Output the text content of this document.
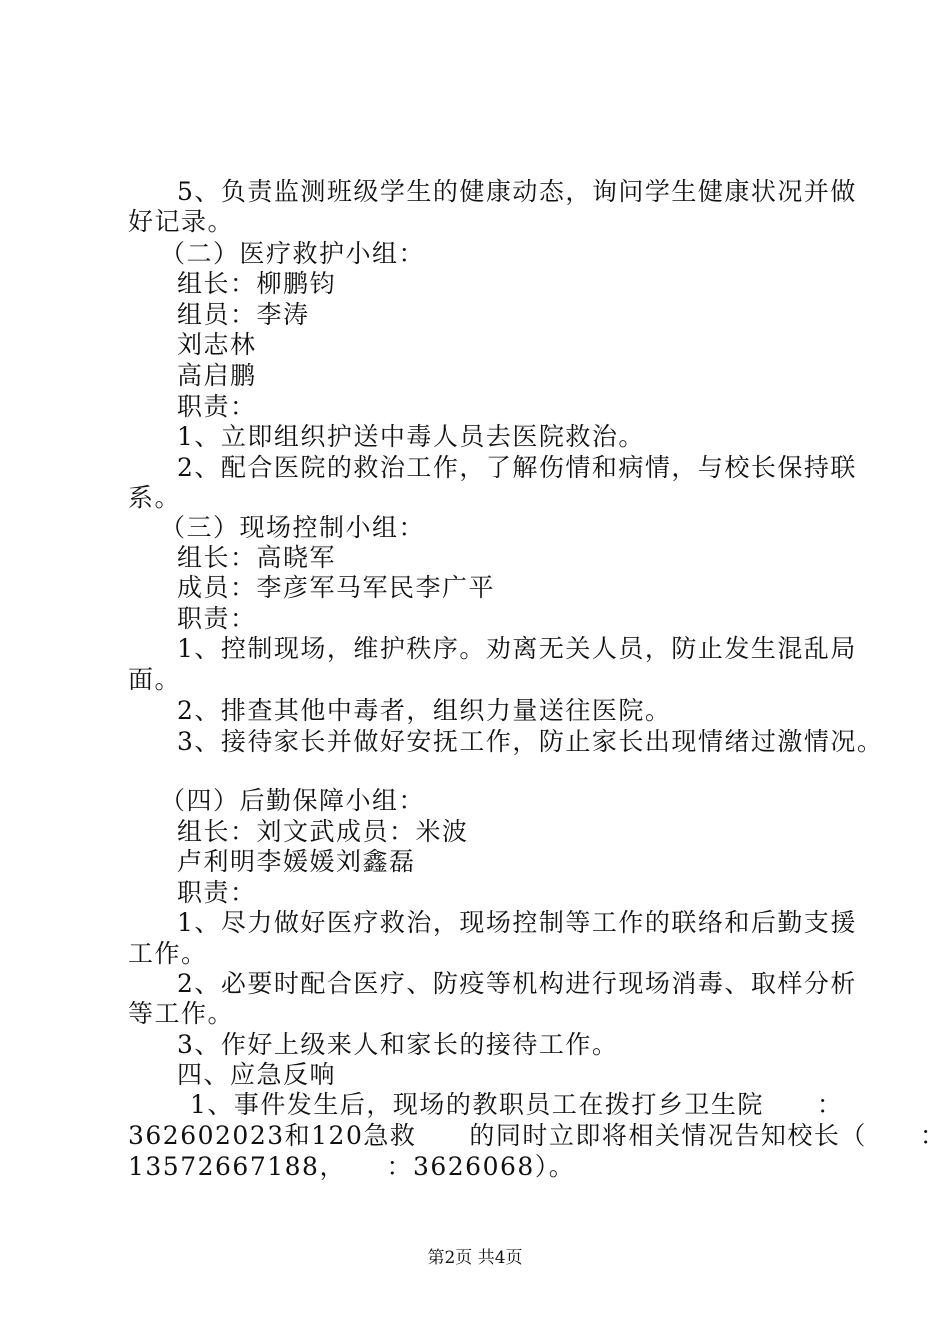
5、负责监测班级学生的健康动态，询问学生健康状况并做
好记录。
（二）医疗救护小组：
组长：柳鹏钧
组员：李涛
刘志林
高启鹏
职责：
1、立即组织护送中毒人员去医院救治。
2、配合医院的救治工作，了解伤情和病情，与校长保持联
系。
（三）现场控制小组：
组长：高晓军
成员：李彦军马军民李广平
职责：
1、控制现场，维护秩序。劝离无关人员，防止发生混乱局
面。
2、排查其他中毒者，组织力量送往医院。
3、接待家长并做好安抚工作，防止家长出现情绪过激情况。
（四）后勤保障小组：
组长：刘文武成员：米波
卢利明李媛媛刘鑫磊
职责：
1、尽力做好医疗救治，现场控制等工作的联络和后勤支援
工作。
2、必要时配合医疗、防疫等机构进行现场消毒、取样分析
等工作。
3、作好上级来人和家长的接待工作。
四、应急反响
1、事件发生后，现场的教职员工在拨打乡卫生院　　：
362602023和120急救　　的同时立即将相关情况告知校长（　　：
13572667188，　　：3626068）。
第2页 共4页
